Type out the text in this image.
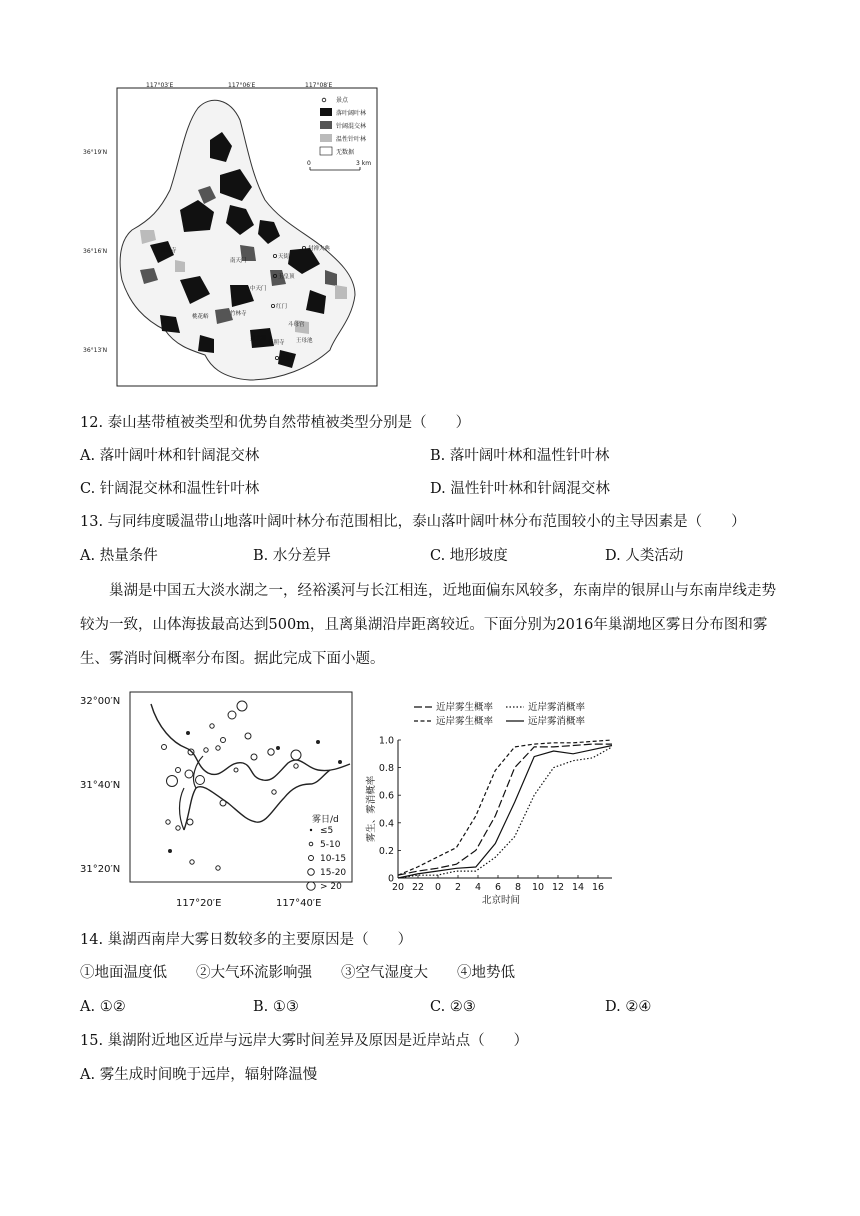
117°03′E	117°06′E	117°08′E
36°19′N
36°16′N
36°13′N
封禅大典
天街
玉皇顶
中天门
红门
岱庙
南天门
斗母宫
桃花峪	竹林寺
黑龙潭
普照寺 王母池
灵岩寺
景点
落叶阔叶林
针阔混交林
温性针叶林
无数据
0	3 km
12. 泰山基带植被类型和优势自然带植被类型分别是（　　）
A. 落叶阔叶林和针阔混交林	B. 落叶阔叶林和温性针叶林
C. 针阔混交林和温性针叶林	D. 温性针叶林和针阔混交林
13. 与同纬度暖温带山地落叶阔叶林分布范围相比，泰山落叶阔叶林分布范围较小的主导因素是（　　）
A. 热量条件	B. 水分差异	C. 地形坡度	D. 人类活动
巢湖是中国五大淡水湖之一，经裕溪河与长江相连，近地面偏东风较多，东南岸的银屏山与东南岸线走势较为一致，山体海拔最高达到500m，且离巢湖沿岸距离较近。下面分别为2016年巢湖地区雾日分布图和雾生、雾消时间概率分布图。据此完成下面小题。
32°00′N
31°40′N
31°20′N
117°20′E	117°40′E
雾日/d
≤5
5-10
10-15
15-20
> 20
0
0.2
0.4
0.6
0.8
1.0
20 22 0 2 4 6 8 10 12 14 16
北京时间
雾生、雾消概率
近岸雾生概率	近岸雾消概率
远岸雾生概率	远岸雾消概率
14. 巢湖西南岸大雾日数较多的主要原因是（　　）
①地面温度低　　②大气环流影响强　　③空气湿度大　　④地势低
A. ①②	B. ①③	C. ②③	D. ②④
15. 巢湖附近地区近岸与远岸大雾时间差异及原因是近岸站点（　　）
A. 雾生成时间晚于远岸，辐射降温慢
